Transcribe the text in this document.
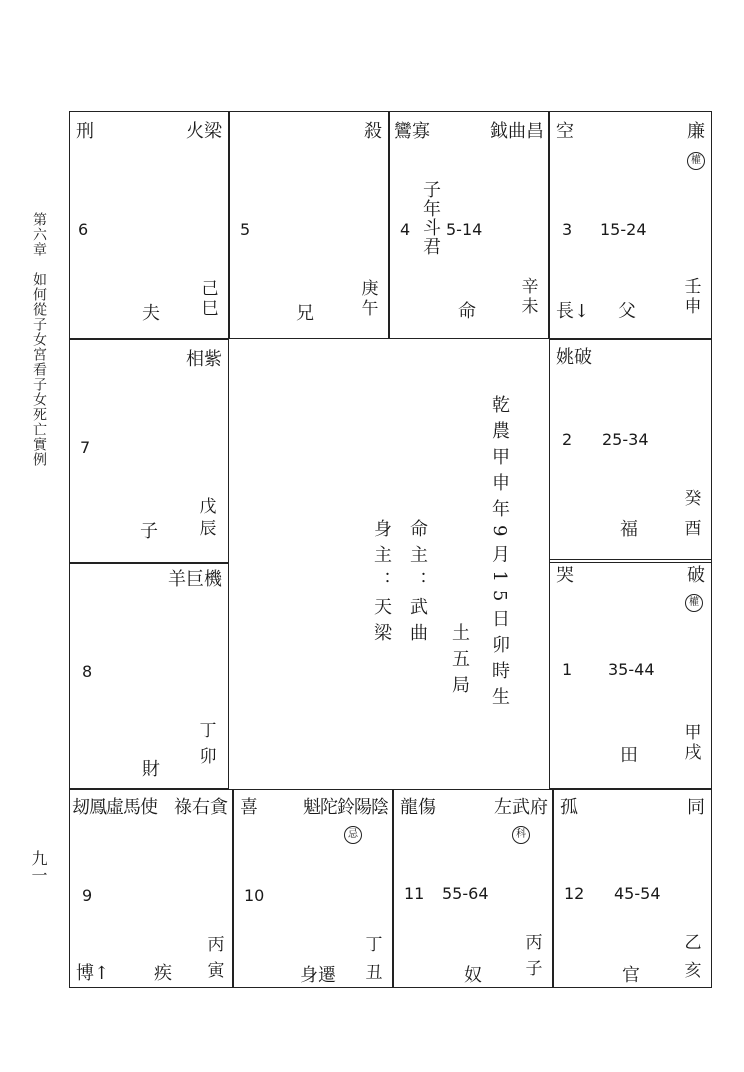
第六章　如何從子女宮看子女死亡實例
九一
刑	火梁
6
己
巳
夫
殺
5
庚
午
兄
鸞寡	鉞曲昌
4 子年斗君 5-14
辛
未
命
空	廉
權
3 15-24
壬
申
長↓ 父
相紫
7
戊
辰
子
姚破
2 25-34
癸
酉
福
羊巨機
8
丁
卯
財
哭	破
權
1 35-44
甲
戌
田
刼鳳虛馬使 祿右貪
9
丙
寅
博↑ 疾
喜	魁陀鈴陽陰
忌
10
丁
丑
身遷
龍傷	左武府
科
11 55-64
丙
子
奴
孤	同
12 45-54
乙
亥
官
乾農甲申年9月15日卯時生
土五局
命主：武曲
身主：天梁
